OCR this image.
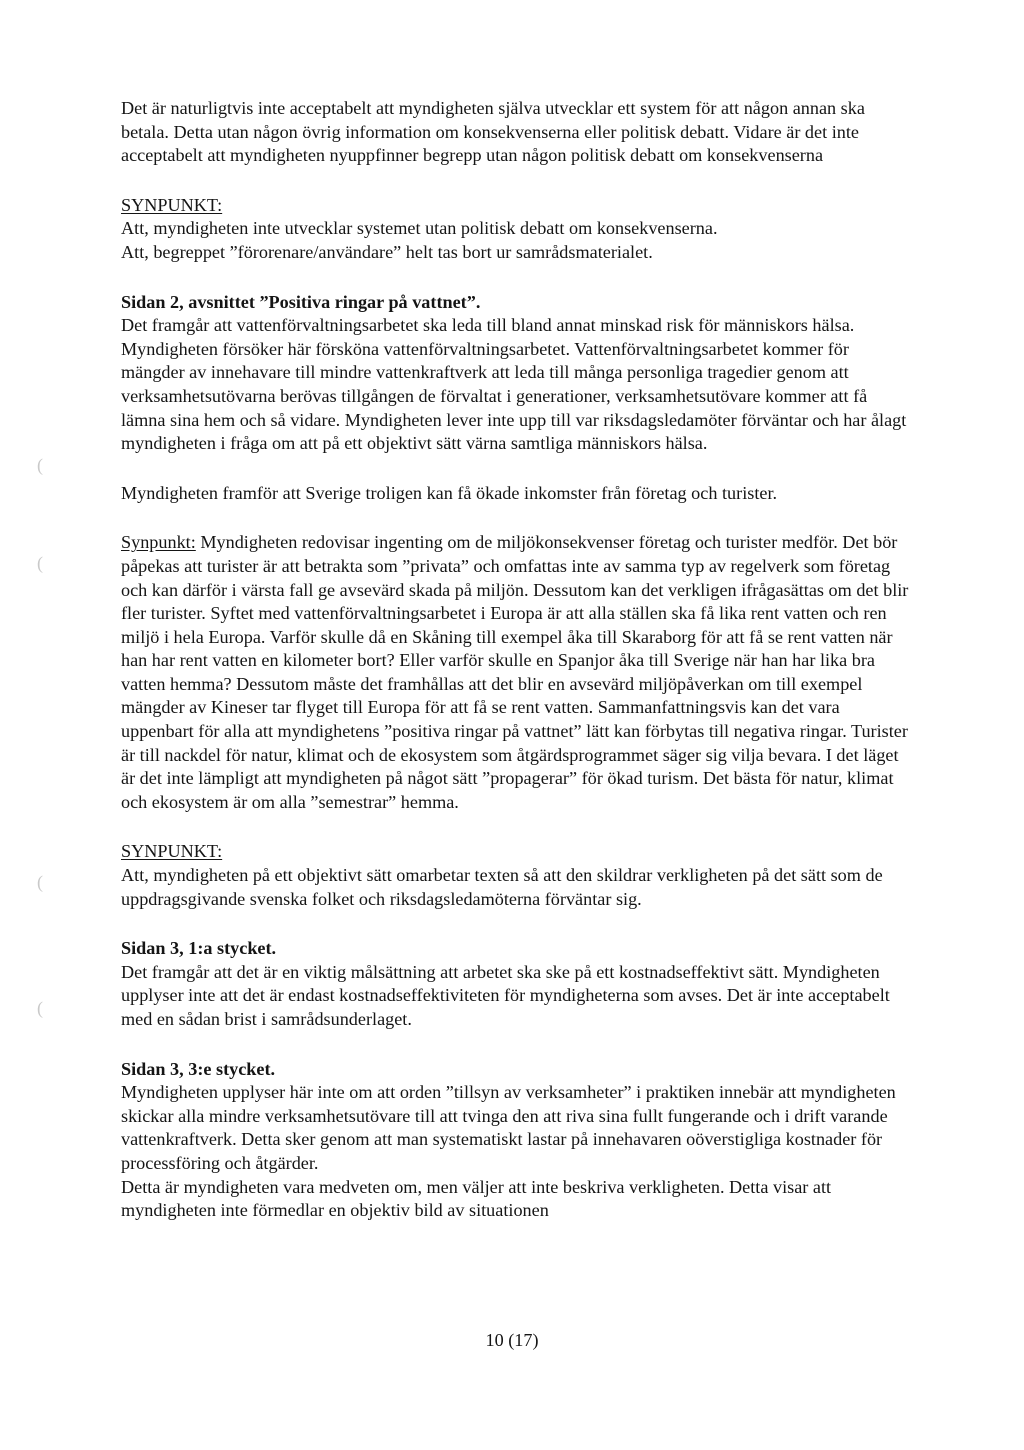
(
(
(
(

Det är naturligtvis inte acceptabelt att myndigheten själva utvecklar ett system för att någon annan ska betala. Detta utan någon övrig information om konsekvenserna eller politisk debatt. Vidare är det inte acceptabelt att myndigheten nyuppfinner begrepp utan någon politisk debatt om konsekvenserna

SYNPUNKT:

Att, myndigheten inte utvecklar systemet utan politisk debatt om konsekvenserna.

Att, begreppet ”förorenare/användare” helt tas bort ur samrådsmaterialet.

Sidan 2, avsnittet ”Positiva ringar på vattnet”.

Det framgår att vattenförvaltningsarbetet ska leda till bland annat minskad risk för människors hälsa. Myndigheten försöker här försköna vattenförvaltningsarbetet. Vattenförvaltningsarbetet kommer för mängder av innehavare till mindre vattenkraftverk att leda till många personliga tragedier genom att verksamhetsutövarna berövas tillgången de förvaltat i generationer, verksamhetsutövare kommer att få lämna sina hem och så vidare. Myndigheten lever inte upp till var riksdagsledamöter förväntar och har ålagt myndigheten i fråga om att på ett objektivt sätt värna samtliga människors hälsa.

Myndigheten framför att Sverige troligen kan få ökade inkomster från företag och turister.

Synpunkt: Myndigheten redovisar ingenting om de miljökonsekvenser företag och turister medför. Det bör påpekas att turister är att betrakta som ”privata” och omfattas inte av samma typ av regelverk som företag och kan därför i värsta fall ge avsevärd skada på miljön. Dessutom kan det verkligen ifrågasättas om det blir fler turister. Syftet med vattenförvaltningsarbetet i Europa är att alla ställen ska få lika rent vatten och ren miljö i hela Europa. Varför skulle då en Skåning till exempel åka till Skaraborg för att få se rent vatten när han har rent vatten en kilometer bort? Eller varför skulle en Spanjor åka till Sverige när han har lika bra vatten hemma? Dessutom måste det framhållas att det blir en avsevärd miljöpåverkan om till exempel mängder av Kineser tar flyget till Europa för att få se rent vatten. Sammanfattningsvis kan det vara uppenbart för alla att myndighetens ”positiva ringar på vattnet” lätt kan förbytas till negativa ringar. Turister är till nackdel för natur, klimat och de ekosystem som åtgärdsprogrammet säger sig vilja bevara. I det läget är det inte lämpligt att myndigheten på något sätt ”propagerar” för ökad turism. Det bästa för natur, klimat och ekosystem är om alla ”semestrar” hemma.

SYNPUNKT:

Att, myndigheten på ett objektivt sätt omarbetar texten så att den skildrar verkligheten på det sätt som de uppdragsgivande svenska folket och riksdagsledamöterna förväntar sig.

Sidan 3, 1:a stycket.

Det framgår att det är en viktig målsättning att arbetet ska ske på ett kostnadseffektivt sätt. Myndigheten upplyser inte att det är endast kostnadseffektiviteten för myndigheterna som avses. Det är inte acceptabelt med en sådan brist i samrådsunderlaget.

Sidan 3, 3:e stycket.

Myndigheten upplyser här inte om att orden ”tillsyn av verksamheter” i praktiken innebär att myndigheten skickar alla mindre verksamhetsutövare till att tvinga den att riva sina fullt fungerande och i drift varande vattenkraftverk. Detta sker genom att man systematiskt lastar på innehavaren oöverstigliga kostnader för processföring och åtgärder.

Detta är myndigheten vara medveten om, men väljer att inte beskriva verkligheten. Detta visar att myndigheten inte förmedlar en objektiv bild av situationen

10 (17)
